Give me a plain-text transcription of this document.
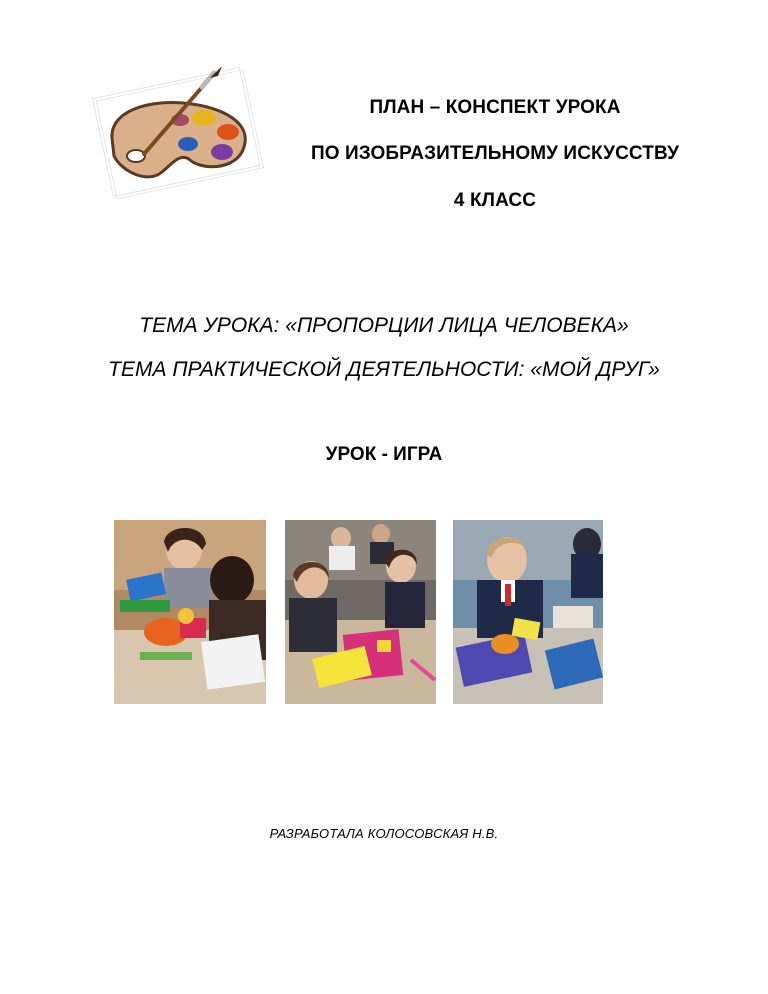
ПЛАН – КОНСПЕКТ УРОКА
ПО ИЗОБРАЗИТЕЛЬНОМУ ИСКУССТВУ
4 КЛАСС
ТЕМА УРОКА: «ПРОПОРЦИИ ЛИЦА ЧЕЛОВЕКА»
ТЕМА ПРАКТИЧЕСКОЙ ДЕЯТЕЛЬНОСТИ: «МОЙ ДРУГ»
УРОК - ИГРА
РАЗРАБОТАЛА КОЛОСОВСКАЯ Н.В.
